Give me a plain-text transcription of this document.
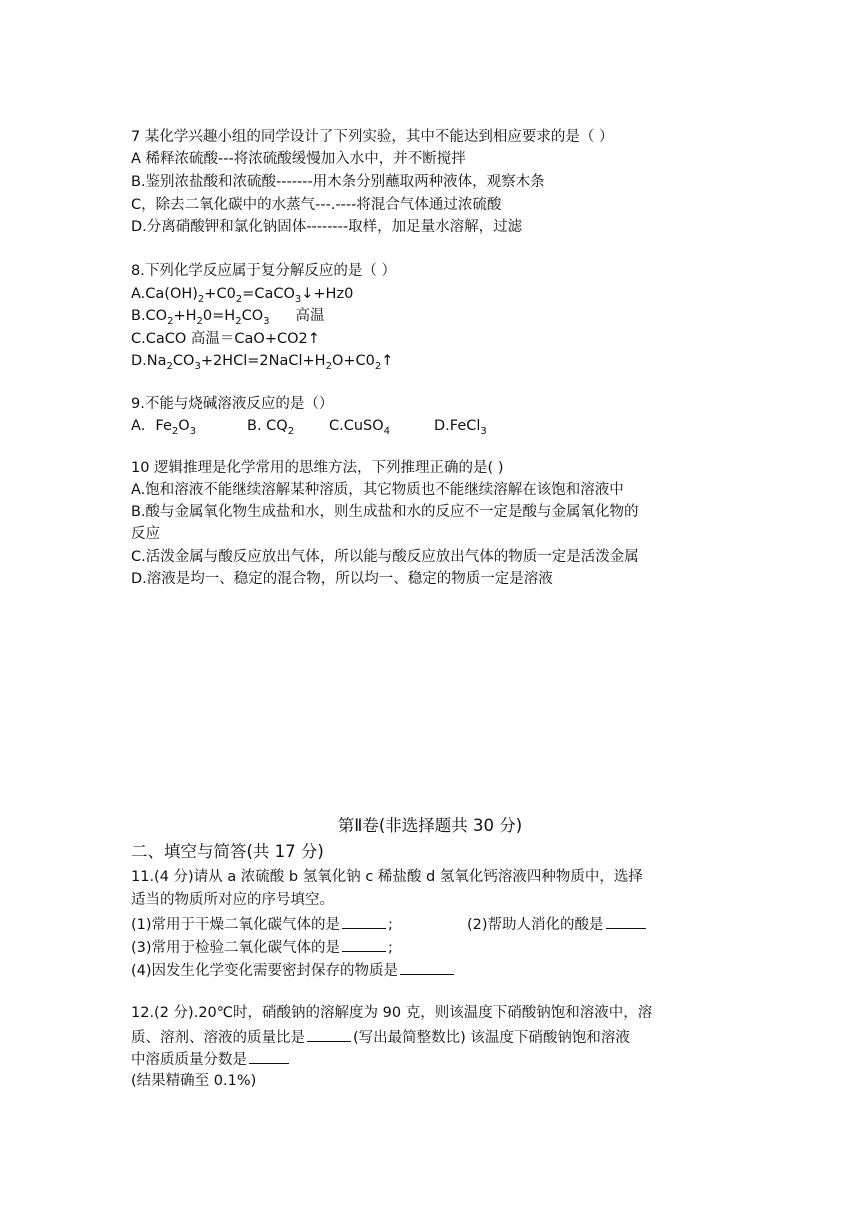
7 某化学兴趣小组的同学设计了下列实验，其中不能达到相应要求的是（ ）
A 稀释浓硫酸---将浓硫酸缓慢加入水中，并不断搅拌
B.鉴别浓盐酸和浓硫酸-------用木条分别蘸取两种液体，观察木条
C，除去二氧化碳中的水蒸气---.----将混合气体通过浓硫酸
D.分离硝酸钾和氯化钠固体--------取样，加足量水溶解，过滤
8.下列化学反应属于复分解反应的是（ ）
$A.Ca(OH)_2+C0_2=CaCO_3↓+Hz0$
$B.CO_2+H_20=H_2CO_3$ 高温
C.CaCO 高温＝CaO+CO2↑
$D.Na_2CO_3+2HCl=2NaCl+H_2O+C0_2↑$
9.不能与烧碱溶液反应的是（）
A．$Fe_2O_3$	B. $CQ_2$ C.CuSO$_4$	D.FeCl$_3$
10 逻辑推理是化学常用的思维方法，下列推理正确的是( )
A.饱和溶液不能继续溶解某种溶质，其它物质也不能继续溶解在该饱和溶液中
B.酸与金属氧化物生成盐和水，则生成盐和水的反应不一定是酸与金属氧化物的
反应
C.活泼金属与酸反应放出气体，所以能与酸反应放出气体的物质一定是活泼金属
D.溶液是均一、稳定的混合物，所以均一、稳定的物质一定是溶液
第Ⅱ卷(非选择题共 30 分)
二、填空与简答(共 17 分)
11.(4 分)请从 a 浓硫酸 b 氢氧化钠 c 稀盐酸 d 氢氧化钙溶液四种物质中，选择
适当的物质所对应的序号填空。
(1)常用于干燥二氧化碳气体的是	;	(2)帮助人消化的酸是
(3)常用于检验二氧化碳气体的是	;
(4)因发生化学变化需要密封保存的物质是
12.(2 分).20℃时，硝酸钠的溶解度为 90 克，则该温度下硝酸钠饱和溶液中，溶
质、溶剂、溶液的质量比是	(写出最简整数比) 该温度下硝酸钠饱和溶液
中溶质质量分数是
(结果精确至 0.1%)
